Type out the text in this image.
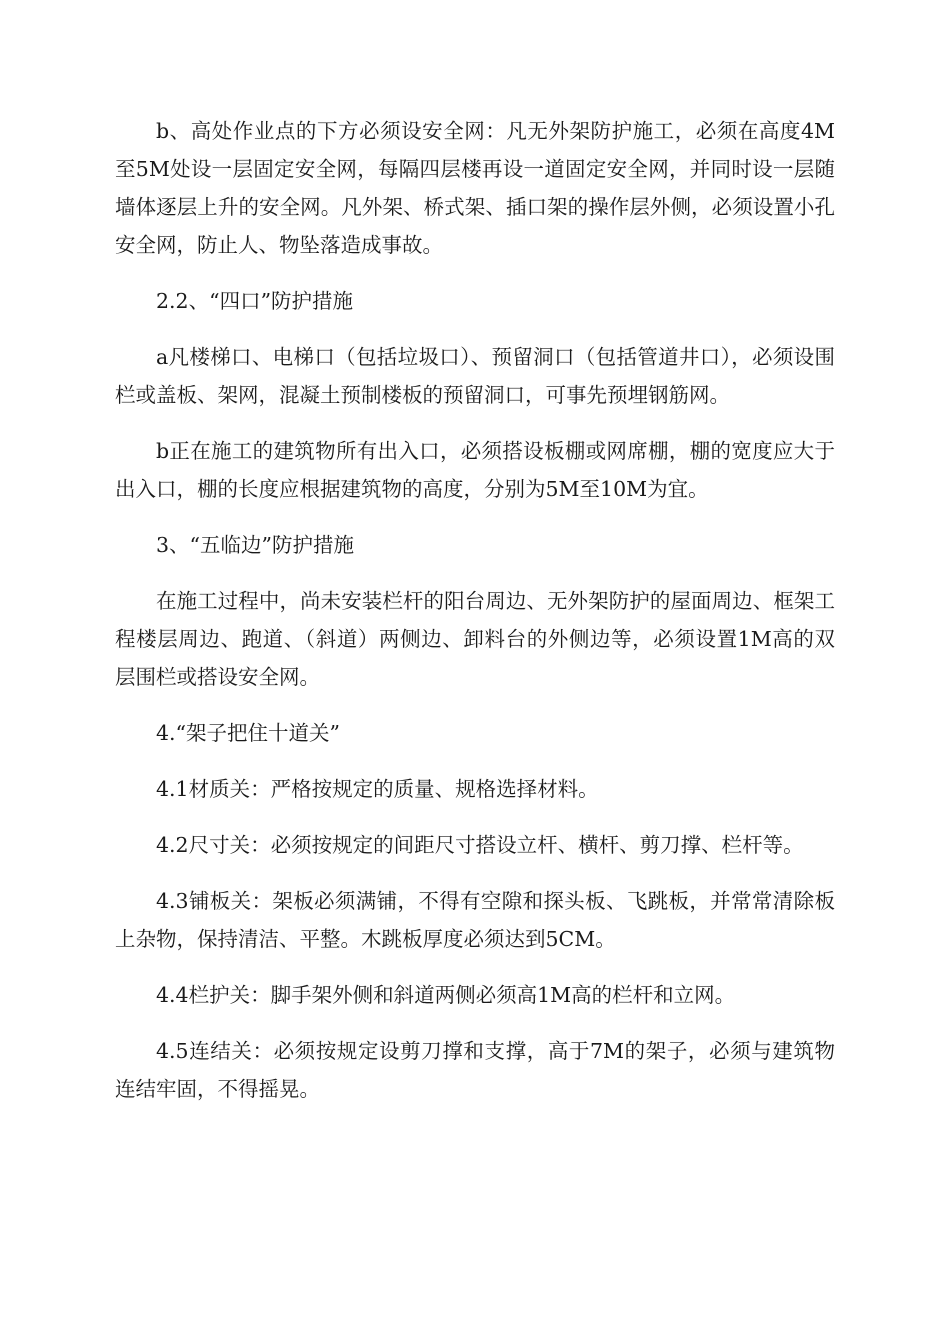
b、高处作业点的下方必须设安全网：凡无外架防护施工，必须在高度4M至5M处设一层固定安全网，每隔四层楼再设一道固定安全网，并同时设一层随墙体逐层上升的安全网。凡外架、桥式架、插口架的操作层外侧，必须设置小孔安全网，防止人、物坠落造成事故。

2.2、“四口”防护措施

a凡楼梯口、电梯口（包括垃圾口）、预留洞口（包括管道井口），必须设围栏或盖板、架网，混凝土预制楼板的预留洞口，可事先预埋钢筋网。

b正在施工的建筑物所有出入口，必须搭设板棚或网席棚，棚的宽度应大于出入口，棚的长度应根据建筑物的高度，分别为5M至10M为宜。

3、“五临边”防护措施

在施工过程中，尚未安装栏杆的阳台周边、无外架防护的屋面周边、框架工程楼层周边、跑道、（斜道）两侧边、卸料台的外侧边等，必须设置1M高的双层围栏或搭设安全网。

4.“架子把住十道关”

4.1材质关：严格按规定的质量、规格选择材料。

4.2尺寸关：必须按规定的间距尺寸搭设立杆、横杆、剪刀撑、栏杆等。

4.3铺板关：架板必须满铺，不得有空隙和探头板、飞跳板，并常常清除板上杂物，保持清洁、平整。木跳板厚度必须达到5CM。

4.4栏护关：脚手架外侧和斜道两侧必须高1M高的栏杆和立网。

4.5连结关：必须按规定设剪刀撑和支撑，高于7M的架子，必须与建筑物连结牢固，不得摇晃。
